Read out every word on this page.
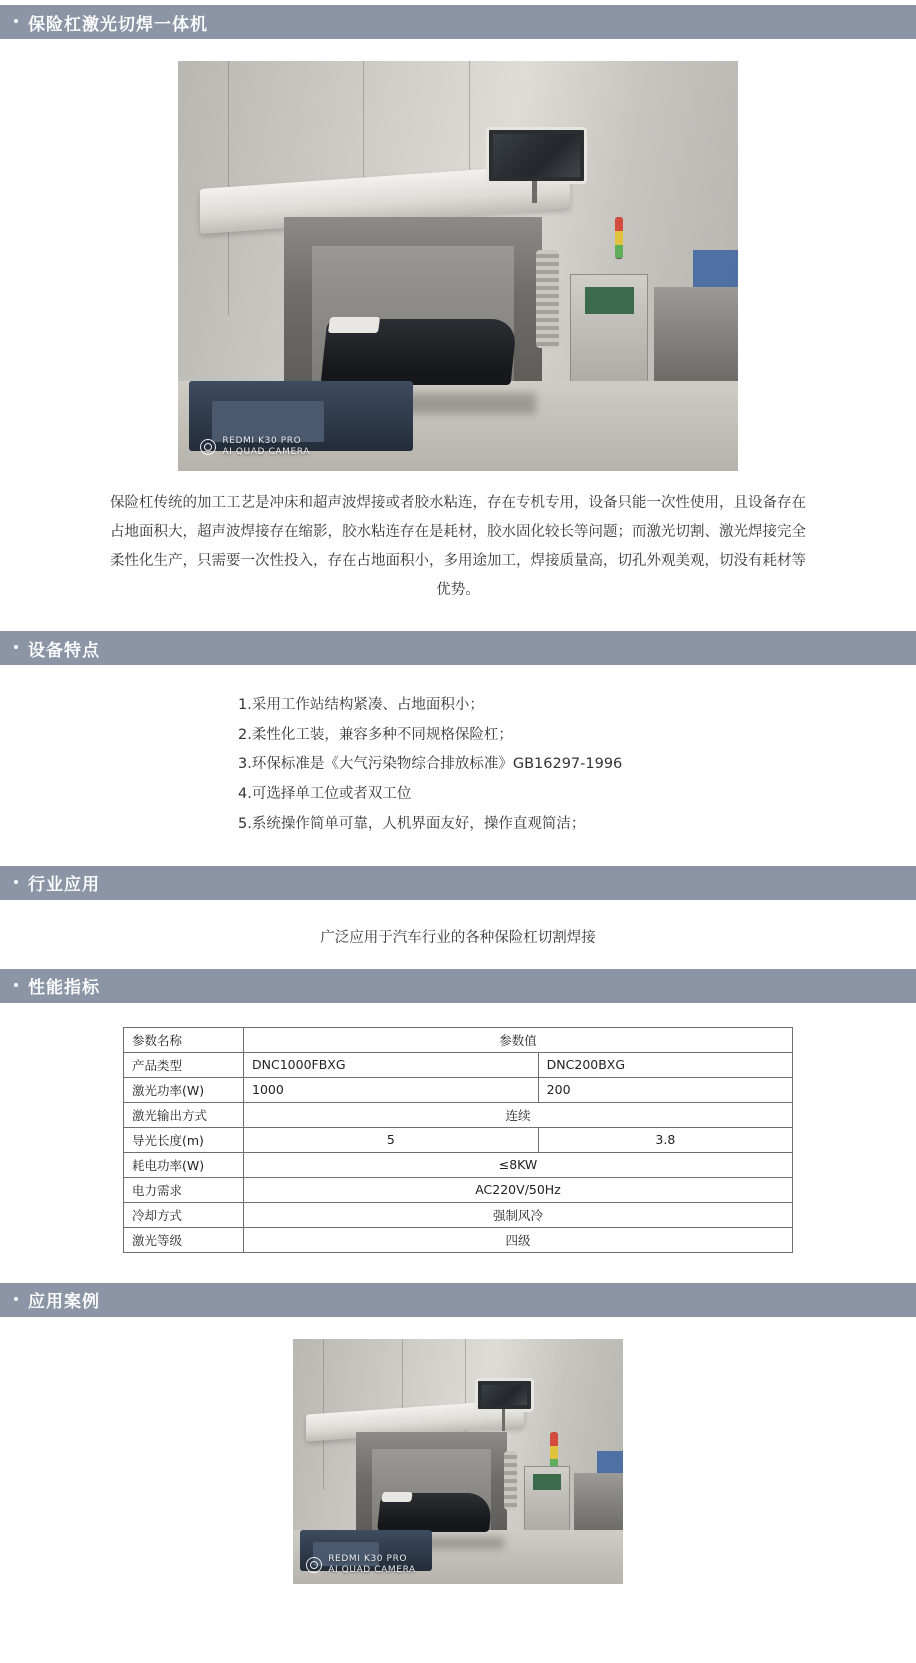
保险杠激光切焊一体机
REDMI K30 PRO
AI QUAD CAMERA
保险杠传统的加工工艺是冲床和超声波焊接或者胶水粘连，存在专机专用，设备只能一次性使用，且设备存在占地面积大，超声波焊接存在缩影，胶水粘连存在是耗材，胶水固化较长等问题；而激光切割、激光焊接完全柔性化生产，只需要一次性投入，存在占地面积小，多用途加工，焊接质量高，切孔外观美观，切没有耗材等优势。
设备特点
1.采用工作站结构紧凑、占地面积小；
2.柔性化工装，兼容多种不同规格保险杠；
3.环保标准是《大气污染物综合排放标准》GB16297-1996
4.可选择单工位或者双工位
5.系统操作简单可靠，人机界面友好，操作直观简洁；
行业应用
广泛应用于汽车行业的各种保险杠切割焊接
性能指标
参数名称	参数值	
产品类型	DNC1000FBXG	DNC200BXG
激光功率(W)	1000	200
激光输出方式	连续	
导光长度(m)	5	3.8
耗电功率(W)	≤8KW	
电力需求	AC220V/50Hz	
冷却方式	强制风冷	
激光等级	四级	
应用案例
REDMI K30 PRO
AI QUAD CAMERA
